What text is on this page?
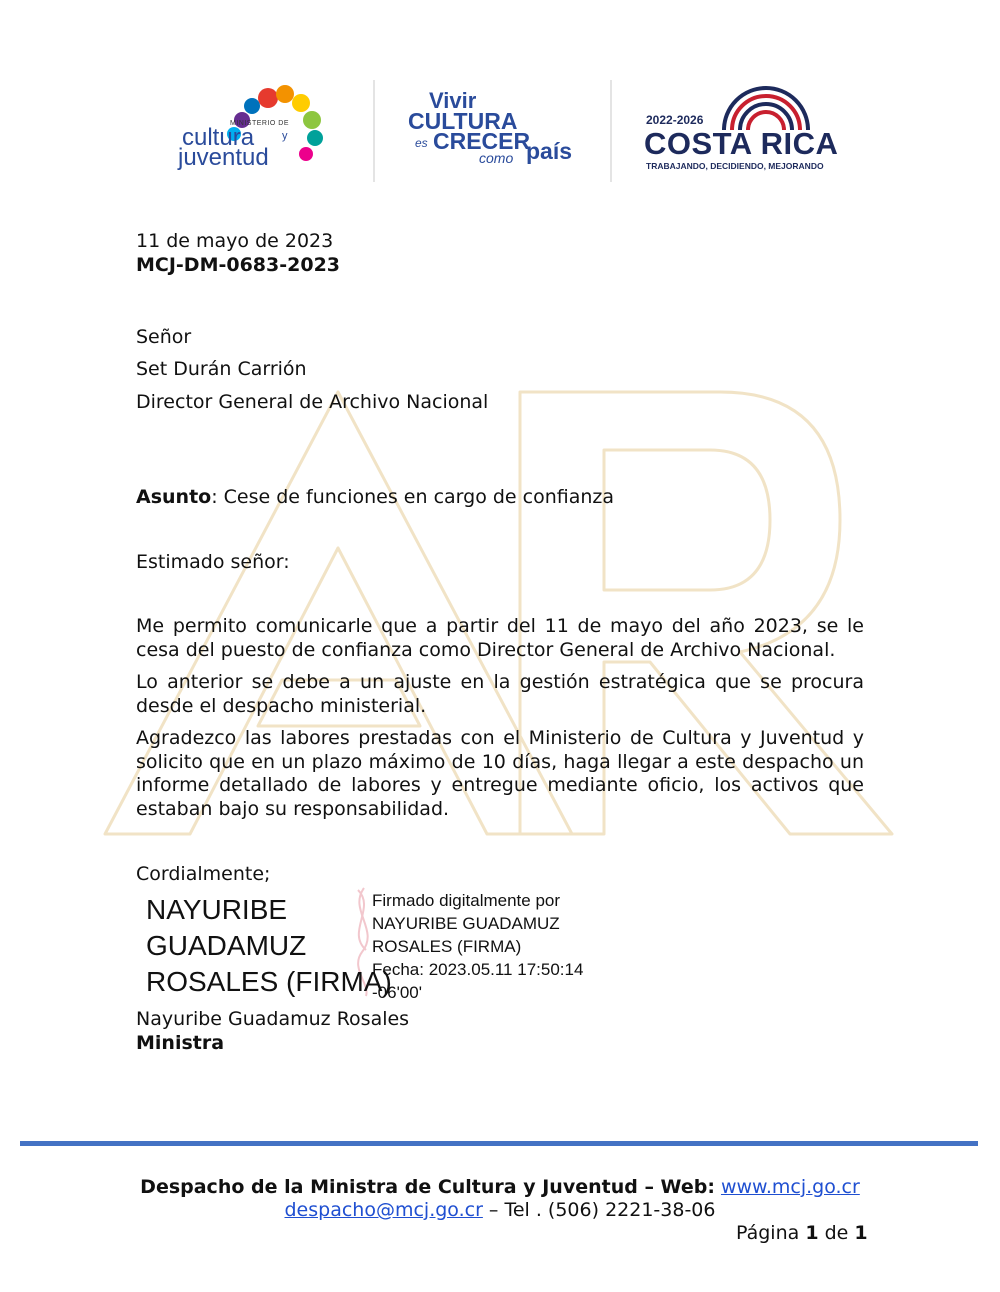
MINISTERIO DE
cultura	y
juventud
Vivir
CULTURA
es CRECER
como país
2022-2026
COSTA RICA
TRABAJANDO, DECIDIENDO, MEJORANDO
11 de mayo de 2023
MCJ-DM-0683-2023
Señor
Set Durán Carrión
Director General de Archivo Nacional
Asunto: Cese de funciones en cargo de confianza
Estimado señor:
Me permito comunicarle que a partir del 11 de mayo del año 2023, se le cesa del puesto de confianza como Director General de Archivo Nacional.
Lo anterior se debe a un ajuste en la gestión estratégica que se procura desde el despacho ministerial.
Agradezco las labores prestadas con el Ministerio de Cultura y Juventud y solicito que en un plazo máximo de 10 días, haga llegar a este despacho un informe detallado de labores y entregue mediante oficio, los activos que estaban bajo su responsabilidad.
Cordialmente;
NAYURIBE
GUADAMUZ
ROSALES (FIRMA)
Firmado digitalmente por
NAYURIBE GUADAMUZ
ROSALES (FIRMA)
Fecha: 2023.05.11 17:50:14
-06'00'
Nayuribe Guadamuz Rosales
Ministra
Despacho de la Ministra de Cultura y Juventud – Web: www.mcj.go.cr
despacho@mcj.go.cr – Tel . (506) 2221-38-06
Página 1 de 1
